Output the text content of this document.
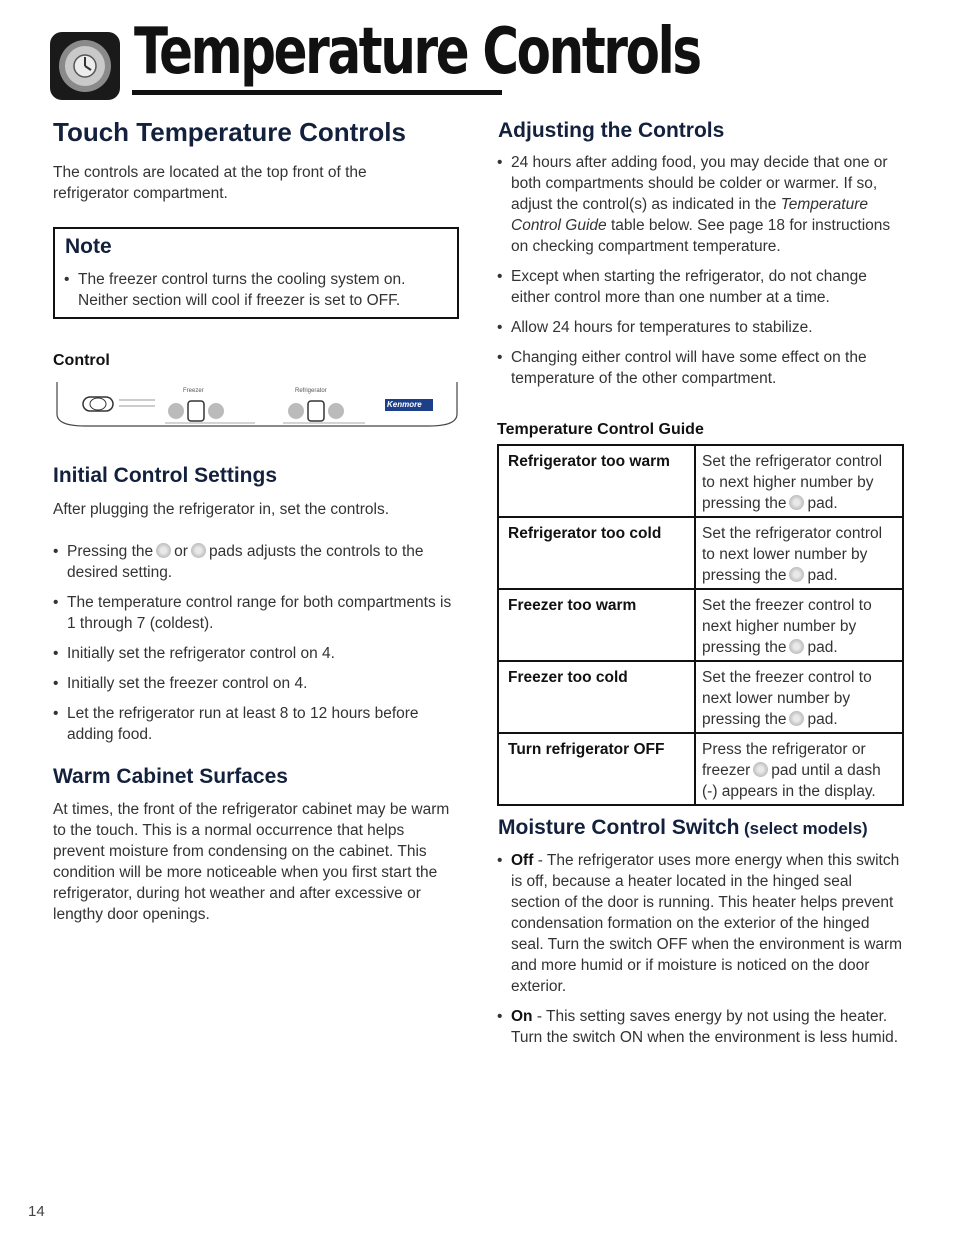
Temperature Controls
Touch Temperature Controls
The controls are located at the top front of the refrigerator compartment.
Note
• The freezer control turns the cooling system on. Neither section will cool if freezer is set to OFF.
Control
Freezer	Refrigerator
Kenmore
Initial Control Settings
After plugging the refrigerator in, set the controls.
• Pressing the or pads adjusts the controls to the desired setting.
• The temperature control range for both compartments is 1 through 7 (coldest).
• Initially set the refrigerator control on 4.
• Initially set the freezer control on 4.
• Let the refrigerator run at least 8 to 12 hours before adding food.
Warm Cabinet Surfaces
At times, the front of the refrigerator cabinet may be warm to the touch. This is a normal occurrence that helps prevent moisture from condensing on the cabinet. This condition will be more noticeable when you first start the refrigerator, during hot weather and after excessive or lengthy door openings.
Adjusting the Controls
• 24 hours after adding food, you may decide that one or both compartments should be colder or warmer. If so, adjust the control(s) as indicated in the Temperature Control Guide table below. See page 18 for instructions on checking compartment temperature.
• Except when starting the refrigerator, do not change either control more than one number at a time.
• Allow 24 hours for temperatures to stabilize.
• Changing either control will have some effect on the temperature of the other compartment.
Temperature Control Guide
Refrigerator too warm	Set the refrigerator control to next higher number by pressing the pad.
Refrigerator too cold	Set the refrigerator control to next lower number by pressing the pad.
Freezer too warm	Set the freezer control to next higher number by pressing the pad.
Freezer too cold	Set the freezer control to next lower number by pressing the pad.
Turn refrigerator OFF	Press the refrigerator or freezer pad until a dash (-) appears in the display.
Moisture Control Switch (select models)
• Off - The refrigerator uses more energy when this switch is off, because a heater located in the hinged seal section of the door is running. This heater helps prevent condensation formation on the exterior of the hinged seal. Turn the switch OFF when the environment is warm and more humid or if moisture is noticed on the door exterior.
• On - This setting saves energy by not using the heater. Turn the switch ON when the environment is less humid.
14
